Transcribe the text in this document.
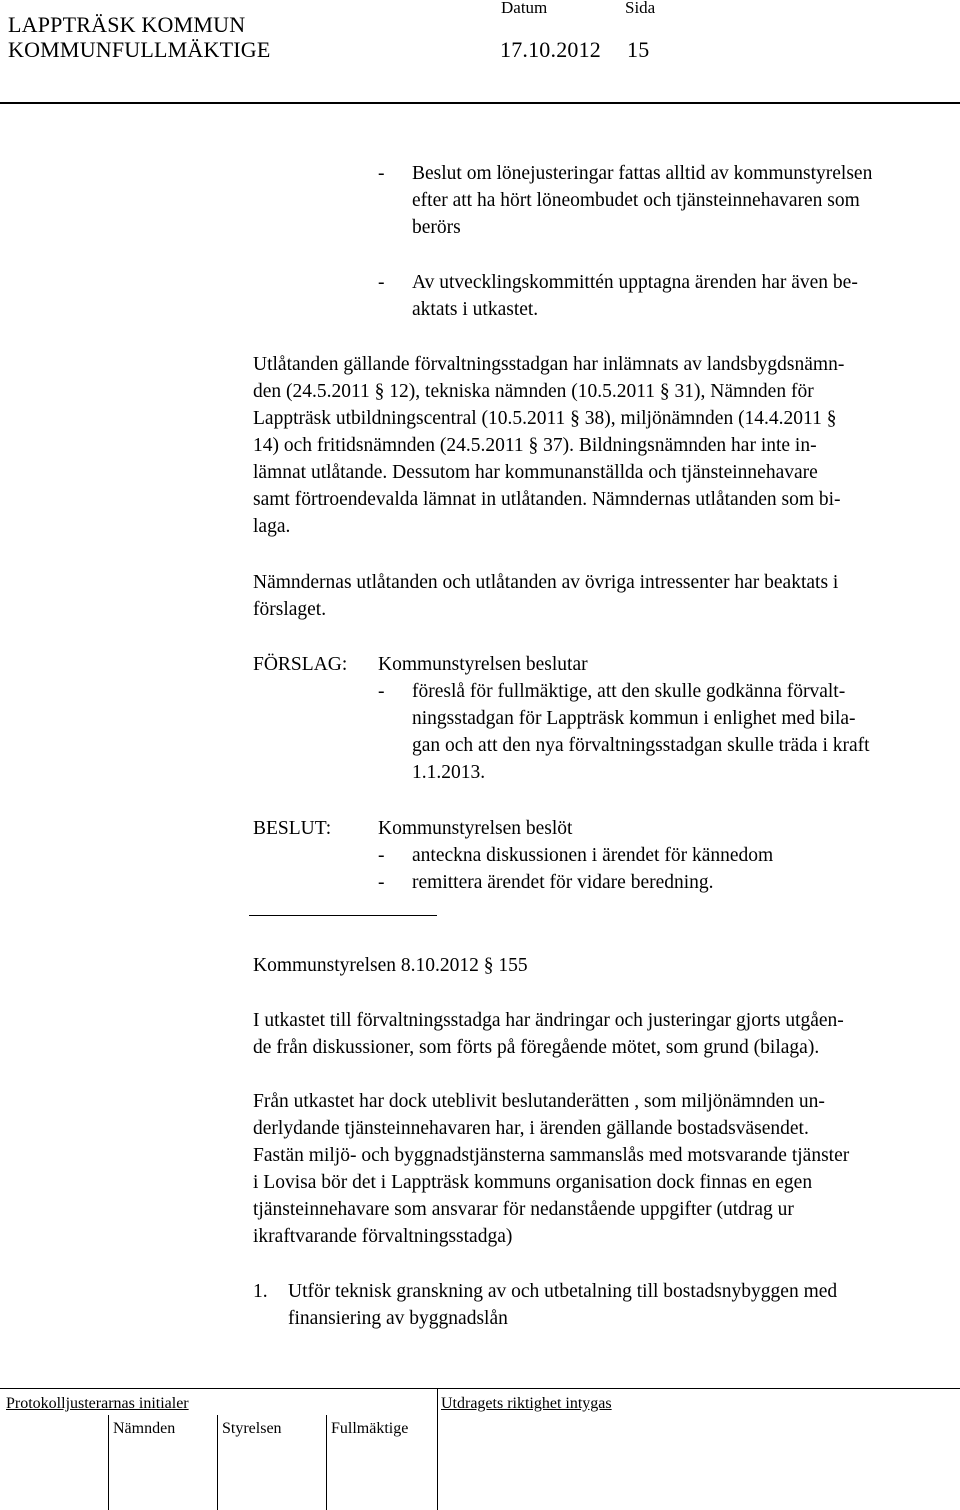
LAPPTRÄSK KOMMUN
KOMMUNFULLMÄKTIGE
Datum	Sida
17.10.2012 15
- Beslut om lönejusteringar fattas alltid av kommunstyrelsen
efter att ha hört löneombudet och tjänsteinnehavaren som
berörs
- Av utvecklingskommittén upptagna ärenden har även be-
aktats i utkastet.
Utlåtanden gällande förvaltningsstadgan har inlämnats av landsbygdsnämn-
den (24.5.2011 § 12), tekniska nämnden (10.5.2011 § 31), Nämnden för
Lappträsk utbildningscentral (10.5.2011 § 38), miljönämnden (14.4.2011 §
14) och fritidsnämnden (24.5.2011 § 37). Bildningsnämnden har inte in-
lämnat utlåtande. Dessutom har kommunanställda och tjänsteinnehavare
samt förtroendevalda lämnat in utlåtanden. Nämndernas utlåtanden som bi-
laga.
Nämndernas utlåtanden och utlåtanden av övriga intressenter har beaktats i
förslaget.
FÖRSLAG: Kommunstyrelsen beslutar
- föreslå för fullmäktige, att den skulle godkänna förvalt-
ningsstadgan för Lappträsk kommun i enlighet med bila-
gan och att den nya förvaltningsstadgan skulle träda i kraft
1.1.2013.
BESLUT: Kommunstyrelsen beslöt
- anteckna diskussionen i ärendet för kännedom
- remittera ärendet för vidare beredning.
Kommunstyrelsen 8.10.2012 § 155
I utkastet till förvaltningsstadga har ändringar och justeringar gjorts utgåen-
de från diskussioner, som förts på föregående mötet, som grund (bilaga).
Från utkastet har dock uteblivit beslutanderätten , som miljönämnden un-
derlydande tjänsteinnehavaren har, i ärenden gällande bostadsväsendet.
Fastän miljö- och byggnadstjänsterna sammanslås med motsvarande tjänster
i Lovisa bör det i Lappträsk kommuns organisation dock finnas en egen
tjänsteinnehavare som ansvarar för nedanstående uppgifter (utdrag ur
ikraftvarande förvaltningsstadga)
1. Utför teknisk granskning av och utbetalning till bostadsnybyggen med
finansiering av byggnadslån
Protokolljusterarnas initialer	Utdragets riktighet intygas
Nämnden	Styrelsen	Fullmäktige
